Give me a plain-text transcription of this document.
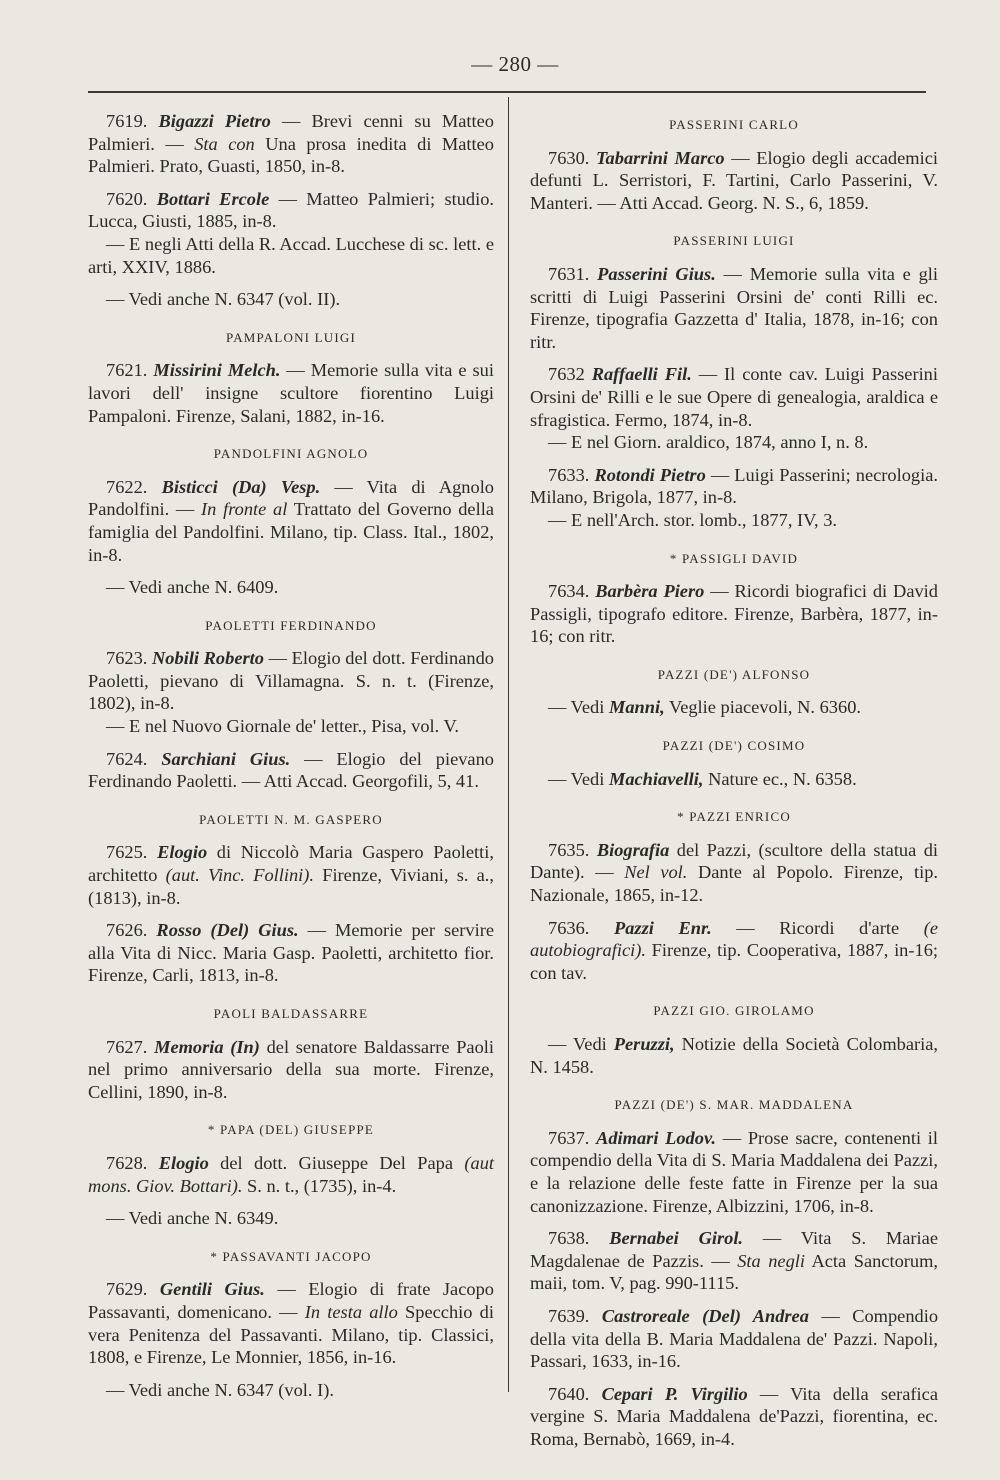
— 280 —
7619. Bigazzi Pietro — Brevi cenni su Matteo Palmieri. — Sta con Una prosa inedita di Matteo Palmieri. Prato, Guasti, 1850, in-8.
7620. Bottari Ercole — Matteo Palmieri; studio. Lucca, Giusti, 1885, in-8.
— E negli Atti della R. Accad. Lucchese di sc. lett. e arti, XXIV, 1886.
— Vedi anche N. 6347 (vol. II).
PAMPALONI LUIGI
7621. Missirini Melch. — Memorie sulla vita e sui lavori dell' insigne scultore fiorentino Luigi Pampaloni. Firenze, Salani, 1882, in-16.
PANDOLFINI AGNOLO
7622. Bisticci (Da) Vesp. — Vita di Agnolo Pandolfini. — In fronte al Trattato del Governo della famiglia del Pandolfini. Milano, tip. Class. Ital., 1802, in-8.
— Vedi anche N. 6409.
PAOLETTI FERDINANDO
7623. Nobili Roberto — Elogio del dott. Ferdinando Paoletti, pievano di Villamagna. S. n. t. (Firenze, 1802), in-8.
— E nel Nuovo Giornale de' letter., Pisa, vol. V.
7624. Sarchiani Gius. — Elogio del pievano Ferdinando Paoletti. — Atti Accad. Georgofili, 5, 41.
PAOLETTI N. M. GASPERO
7625. Elogio di Niccolò Maria Gaspero Paoletti, architetto (aut. Vinc. Follini). Firenze, Viviani, s. a., (1813), in-8.
7626. Rosso (Del) Gius. — Memorie per servire alla Vita di Nicc. Maria Gasp. Paoletti, architetto fior. Firenze, Carli, 1813, in-8.
PAOLI BALDASSARRE
7627. Memoria (In) del senatore Baldassarre Paoli nel primo anniversario della sua morte. Firenze, Cellini, 1890, in-8.
* PAPA (DEL) GIUSEPPE
7628. Elogio del dott. Giuseppe Del Papa (aut mons. Giov. Bottari). S. n. t., (1735), in-4.
— Vedi anche N. 6349.
* PASSAVANTI JACOPO
7629. Gentili Gius. — Elogio di frate Jacopo Passavanti, domenicano. — In testa allo Specchio di vera Penitenza del Passavanti. Milano, tip. Classici, 1808, e Firenze, Le Monnier, 1856, in-16.
— Vedi anche N. 6347 (vol. I).
PASSERINI CARLO
7630. Tabarrini Marco — Elogio degli accademici defunti L. Serristori, F. Tartini, Carlo Passerini, V. Manteri. — Atti Accad. Georg. N. S., 6, 1859.
PASSERINI LUIGI
7631. Passerini Gius. — Memorie sulla vita e gli scritti di Luigi Passerini Orsini de' conti Rilli ec. Firenze, tipografia Gazzetta d' Italia, 1878, in-16; con ritr.
7632 Raffaelli Fil. — Il conte cav. Luigi Passerini Orsini de' Rilli e le sue Opere di genealogia, araldica e sfragistica. Fermo, 1874, in-8.
— E nel Giorn. araldico, 1874, anno I, n. 8.
7633. Rotondi Pietro — Luigi Passerini; necrologia. Milano, Brigola, 1877, in-8.
— E nell'Arch. stor. lomb., 1877, IV, 3.
* PASSIGLI DAVID
7634. Barbèra Piero — Ricordi biografici di David Passigli, tipografo editore. Firenze, Barbèra, 1877, in-16; con ritr.
PAZZI (DE') ALFONSO
— Vedi Manni, Veglie piacevoli, N. 6360.
PAZZI (DE') COSIMO
— Vedi Machiavelli, Nature ec., N. 6358.
* PAZZI ENRICO
7635. Biografia del Pazzi, (scultore della statua di Dante). — Nel vol. Dante al Popolo. Firenze, tip. Nazionale, 1865, in-12.
7636. Pazzi Enr. — Ricordi d'arte (e autobiografici). Firenze, tip. Cooperativa, 1887, in-16; con tav.
PAZZI GIO. GIROLAMO
— Vedi Peruzzi, Notizie della Società Colombaria, N. 1458.
PAZZI (DE') S. MAR. MADDALENA
7637. Adimari Lodov. — Prose sacre, contenenti il compendio della Vita di S. Maria Maddalena dei Pazzi, e la relazione delle feste fatte in Firenze per la sua canonizzazione. Firenze, Albizzini, 1706, in-8.
7638. Bernabei Girol. — Vita S. Mariae Magdalenae de Pazzis. — Sta negli Acta Sanctorum, maii, tom. V, pag. 990-1115.
7639. Castroreale (Del) Andrea — Compendio della vita della B. Maria Maddalena de' Pazzi. Napoli, Passari, 1633, in-16.
7640. Cepari P. Virgilio — Vita della serafica vergine S. Maria Maddalena de'Pazzi, fiorentina, ec. Roma, Bernabò, 1669, in-4.
